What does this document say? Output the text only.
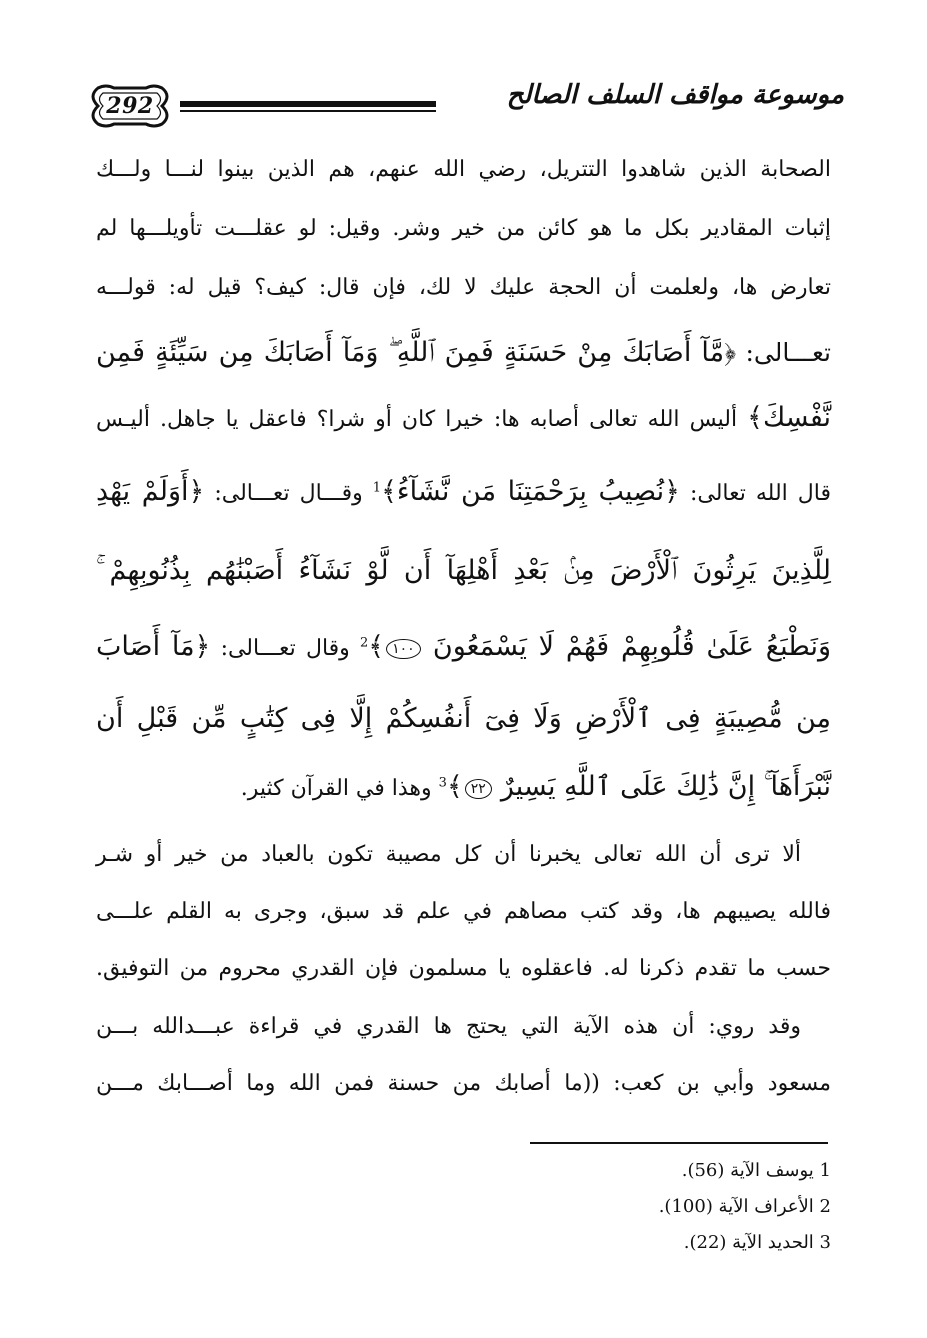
292	موسوعة مواقف السلف الصالح
الصحابة الذين شاهدوا التتريل، رضي الله عنهم، هم الذين بينوا لنـــا ولـــك
إثبات المقادير بكل ما هو كائن من خير وشر. وقيل: لو عقلـــت تأويلـــها لم
تعارض ها، ولعلمت أن الحجة عليك لا لك، فإن قال: كيف؟ قيل له: قولـــه
تعـــالى: ﴿مَّآ أَصَابَكَ مِنْ حَسَنَةٍ فَمِنَ ٱللَّهِ ۖ وَمَآ أَصَابَكَ مِن سَيِّئَةٍ فَمِن
نَّفْسِكَ﴾ أليس الله تعالى أصابه ها: خيرا كان أو شرا؟ فاعقل يا جاهل. أليـس
قال الله تعالى: ﴿نُصِيبُ بِرَحْمَتِنَا مَن نَّشَآءُ﴾$^1$ وقـــال تعـــالى: ﴿أَوَلَمْ يَهْدِ
لِلَّذِينَ يَرِثُونَ ٱلْأَرْضَ مِنۢ بَعْدِ أَهْلِهَآ أَن لَّوْ نَشَآءُ أَصَبْنَٰهُم بِذُنُوبِهِمْ ۚ
وَنَطْبَعُ عَلَىٰ قُلُوبِهِمْ فَهُمْ لَا يَسْمَعُونَ ١٠٠﴾$^2$ وقال تعـــالى: ﴿مَآ أَصَابَ
مِن مُّصِيبَةٍ فِى ٱلْأَرْضِ وَلَا فِىٓ أَنفُسِكُمْ إِلَّا فِى كِتَٰبٍ مِّن قَبْلِ أَن
نَّبْرَأَهَآ ۚ إِنَّ ذَٰلِكَ عَلَى ٱللَّهِ يَسِيرٌ ٢٢﴾$^3$ وهذا في القرآن كثير.
ألا ترى أن الله تعالى يخبرنا أن كل مصيبة تكون بالعباد من خير أو شـر
فالله يصيبهم ها، وقد كتب مصاهم في علم قد سبق، وجرى به القلم علـــى
حسب ما تقدم ذكرنا له. فاعقلوه يا مسلمون فإن القدري محروم من التوفيق.
وقد روي: أن هذه الآية التي يحتج ها القدري في قراءة عبـــدالله بـــن
مسعود وأبي بن كعب: ((ما أصابك من حسنة فمن الله وما أصـــابك مـــن
1 يوسف الآية (56).
2 الأعراف الآية (100).
3 الحديد الآية (22).
